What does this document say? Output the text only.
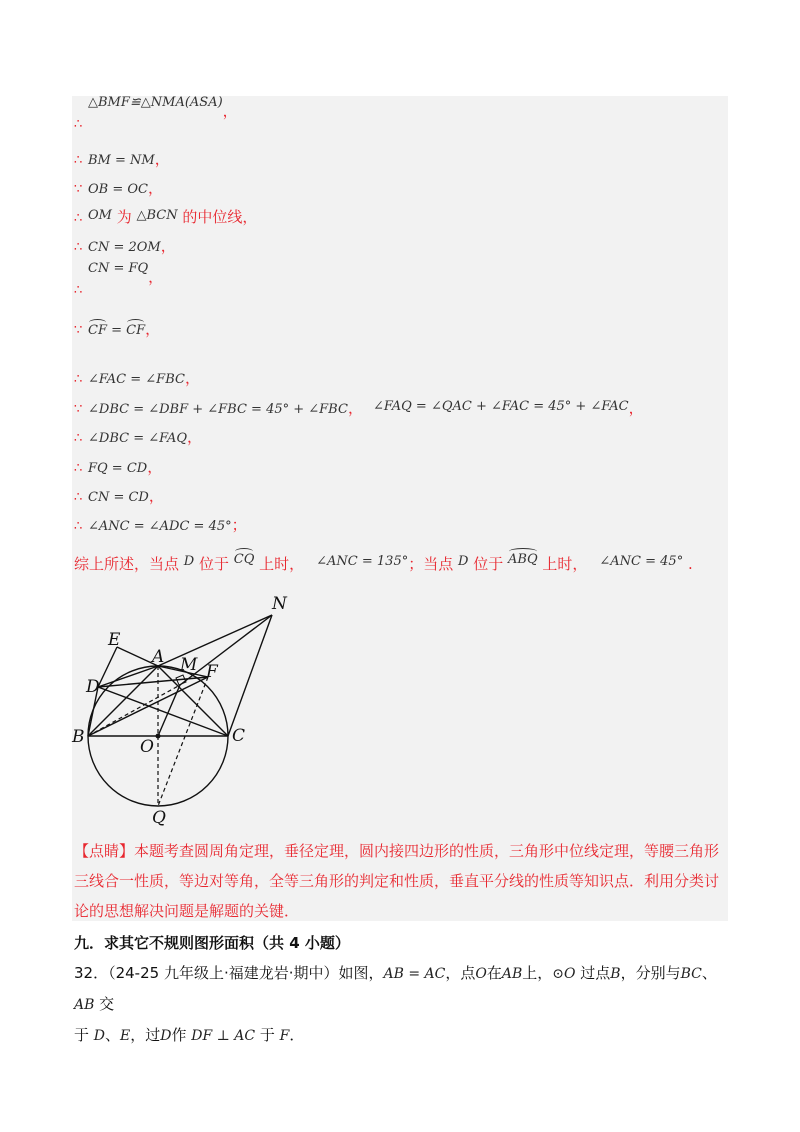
∴△BMF≌△NMA(ASA)，
∴ BM = NM，
∵ OB = OC，
∴ OM 为 △BCN 的中位线，
∴ CN = 2OM，
∴CN = FQ，
∵ CF = CF，
∴ ∠FAC = ∠FBC，
∵ ∠DBC = ∠DBF + ∠FBC = 45° + ∠FBC， ∠FAQ = ∠QAC + ∠FAC = 45° + ∠FAC，
∴ ∠DBC = ∠FAQ，
∴ FQ = CD，
∴ CN = CD，
∴ ∠ANC = ∠ADC = 45°；
综上所述，当点 D 位于 CQ 上时， ∠ANC = 135°；当点 D 位于 ABQ 上时， ∠ANC = 45° .
N
E
A M F
D
B	O
C
Q
【点睛】本题考查圆周角定理，垂径定理，圆内接四边形的性质，三角形中位线定理，等腰三角形三线合一性质，等边对等角，全等三角形的判定和性质，垂直平分线的性质等知识点．利用分类讨论的思想解决问题是解题的关键．
九．求其它不规则图形面积（共 4 小题）
32．（24-25 九年级上·福建龙岩·期中）如图，AB = AC，点O在AB上，⊙O 过点B，分别与BC、AB 交
于 D、E，过D作 DF ⊥ AC 于 F．
